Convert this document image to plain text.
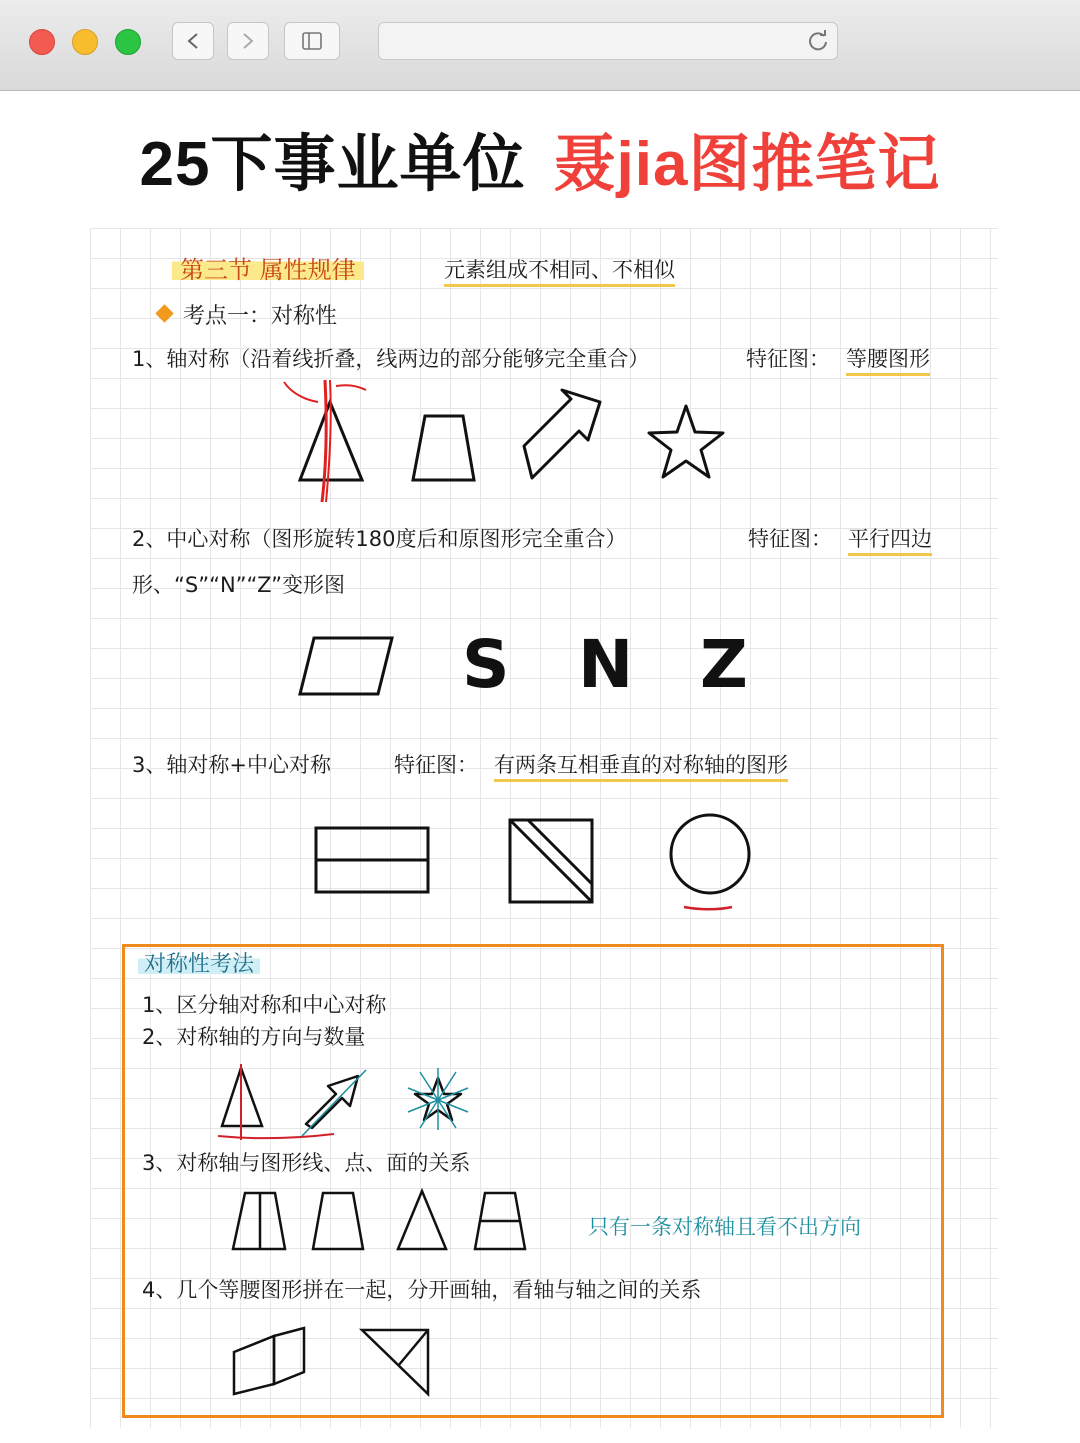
25下事业单位 聂jia图推笔记
第三节 属性规律	元素组成不相同、不相似
考点一：对称性
1、轴对称（沿着线折叠，线两边的部分能够完全重合）	特征图： 等腰图形
2、中心对称（图形旋转180度后和原图形完全重合）	特征图： 平行四边
形、“S”“N”“Z”变形图
S N Z
3、轴对称+中心对称	特征图： 有两条互相垂直的对称轴的图形
对称性考法
1、区分轴对称和中心对称
2、对称轴的方向与数量
3、对称轴与图形线、点、面的关系
只有一条对称轴且看不出方向
4、几个等腰图形拼在一起，分开画轴，看轴与轴之间的关系
